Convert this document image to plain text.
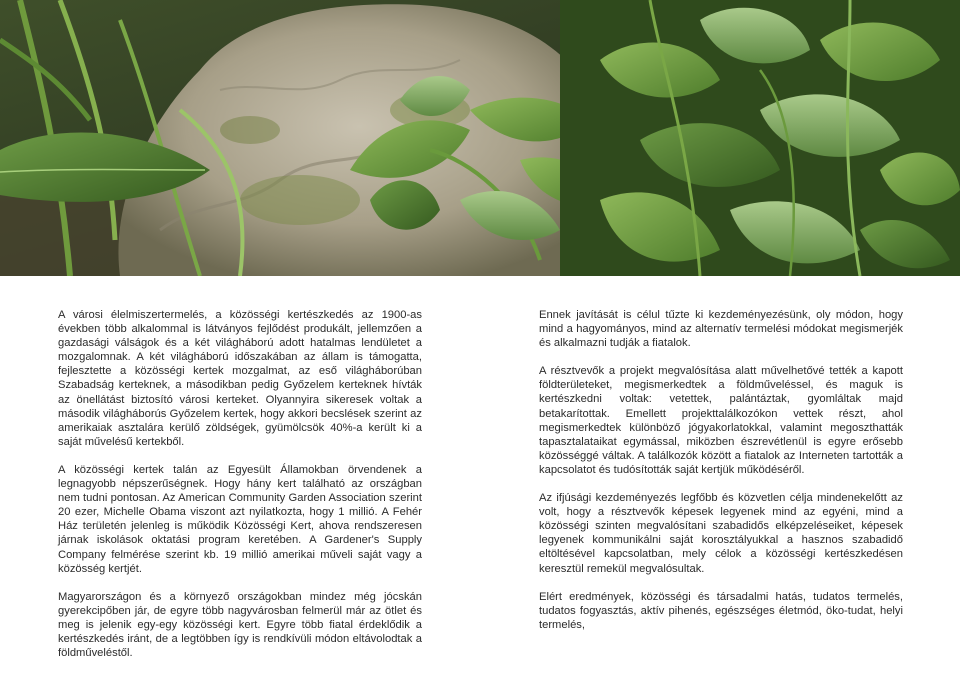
A városi élelmiszertermelés, a közösségi kertészkedés az 1900-as években több alkalommal is látványos fejlődést produkált, jellemzően a gazdasági válságok és a két világháború adott hatalmas lendületet a mozgalomnak. A két világháború időszakában az állam is támogatta, fejlesztette a közösségi kertek mozgalmat, az eső világháborúban Szabadság kerteknek, a másodikban pedig Győzelem kerteknek hívták az önellátást biztosító városi kerteket. Olyannyira sikeresek voltak a második világháborús Győzelem kertek, hogy akkori becslések szerint az amerikaiak asztalára kerülő zöldségek, gyümölcsök 40%-a került ki a saját művelésű kertekből.

A közösségi kertek talán az Egyesült Államokban örvendenek a legnagyobb népszerűségnek. Hogy hány kert található az országban nem tudni pontosan. Az American Community Garden Association szerint 20 ezer, Michelle Obama viszont azt nyilatkozta, hogy 1 millió. A Fehér Ház területén jelenleg is működik Közösségi Kert, ahova rendszeresen járnak iskolások oktatási program keretében. A Gardener's Supply Company felmérése szerint kb. 19 millió amerikai műveli saját vagy a közösség kertjét.

Magyarországon és a környező országokban mindez még jócskán gyerekcipőben jár, de egyre több nagyvárosban felmerül már az ötlet és meg is jelenik egy-egy közösségi kert. Egyre több fiatal érdeklődik a kertészkedés iránt, de a legtöbben így is rendkívüli módon eltávolodtak a földműveléstől.

Ennek javítását is célul tűzte ki kezdeményezésünk, oly módon, hogy mind a hagyományos, mind az alternatív termelési módokat megismerjék és alkalmazni tudják a fiatalok.

A résztvevők a projekt megvalósítása alatt művelhetővé tették a kapott földterületeket, megismerkedtek a földműveléssel, és maguk is kertészkedni voltak: vetettek, palántáztak, gyomláltak majd betakarítottak. Emellett projekttalálkozókon vettek részt, ahol megismerkedtek különböző jógyakorlatokkal, valamint megoszthatták tapasztalataikat egymással, miközben észrevétlenül is egyre erősebb közösséggé váltak. A találkozók között a fiatalok az Interneten tartották a kapcsolatot és tudósították saját kertjük működéséről.

Az ifjúsági kezdeményezés legfőbb és közvetlen célja mindenekelőtt az volt, hogy a résztvevők képesek legyenek mind az egyéni, mind a közösségi szinten megvalósítani szabadidős elképzeléseiket, képesek legyenek kommunikálni saját korosztályukkal a hasznos szabadidő eltöltésével kapcsolatban, mely célok a közösségi kertészkedésen keresztül remekül megvalósultak.

Elért eredmények, közösségi és társadalmi hatás, tudatos termelés, tudatos fogyasztás, aktív pihenés, egészséges életmód, öko-tudat, helyi termelés,
